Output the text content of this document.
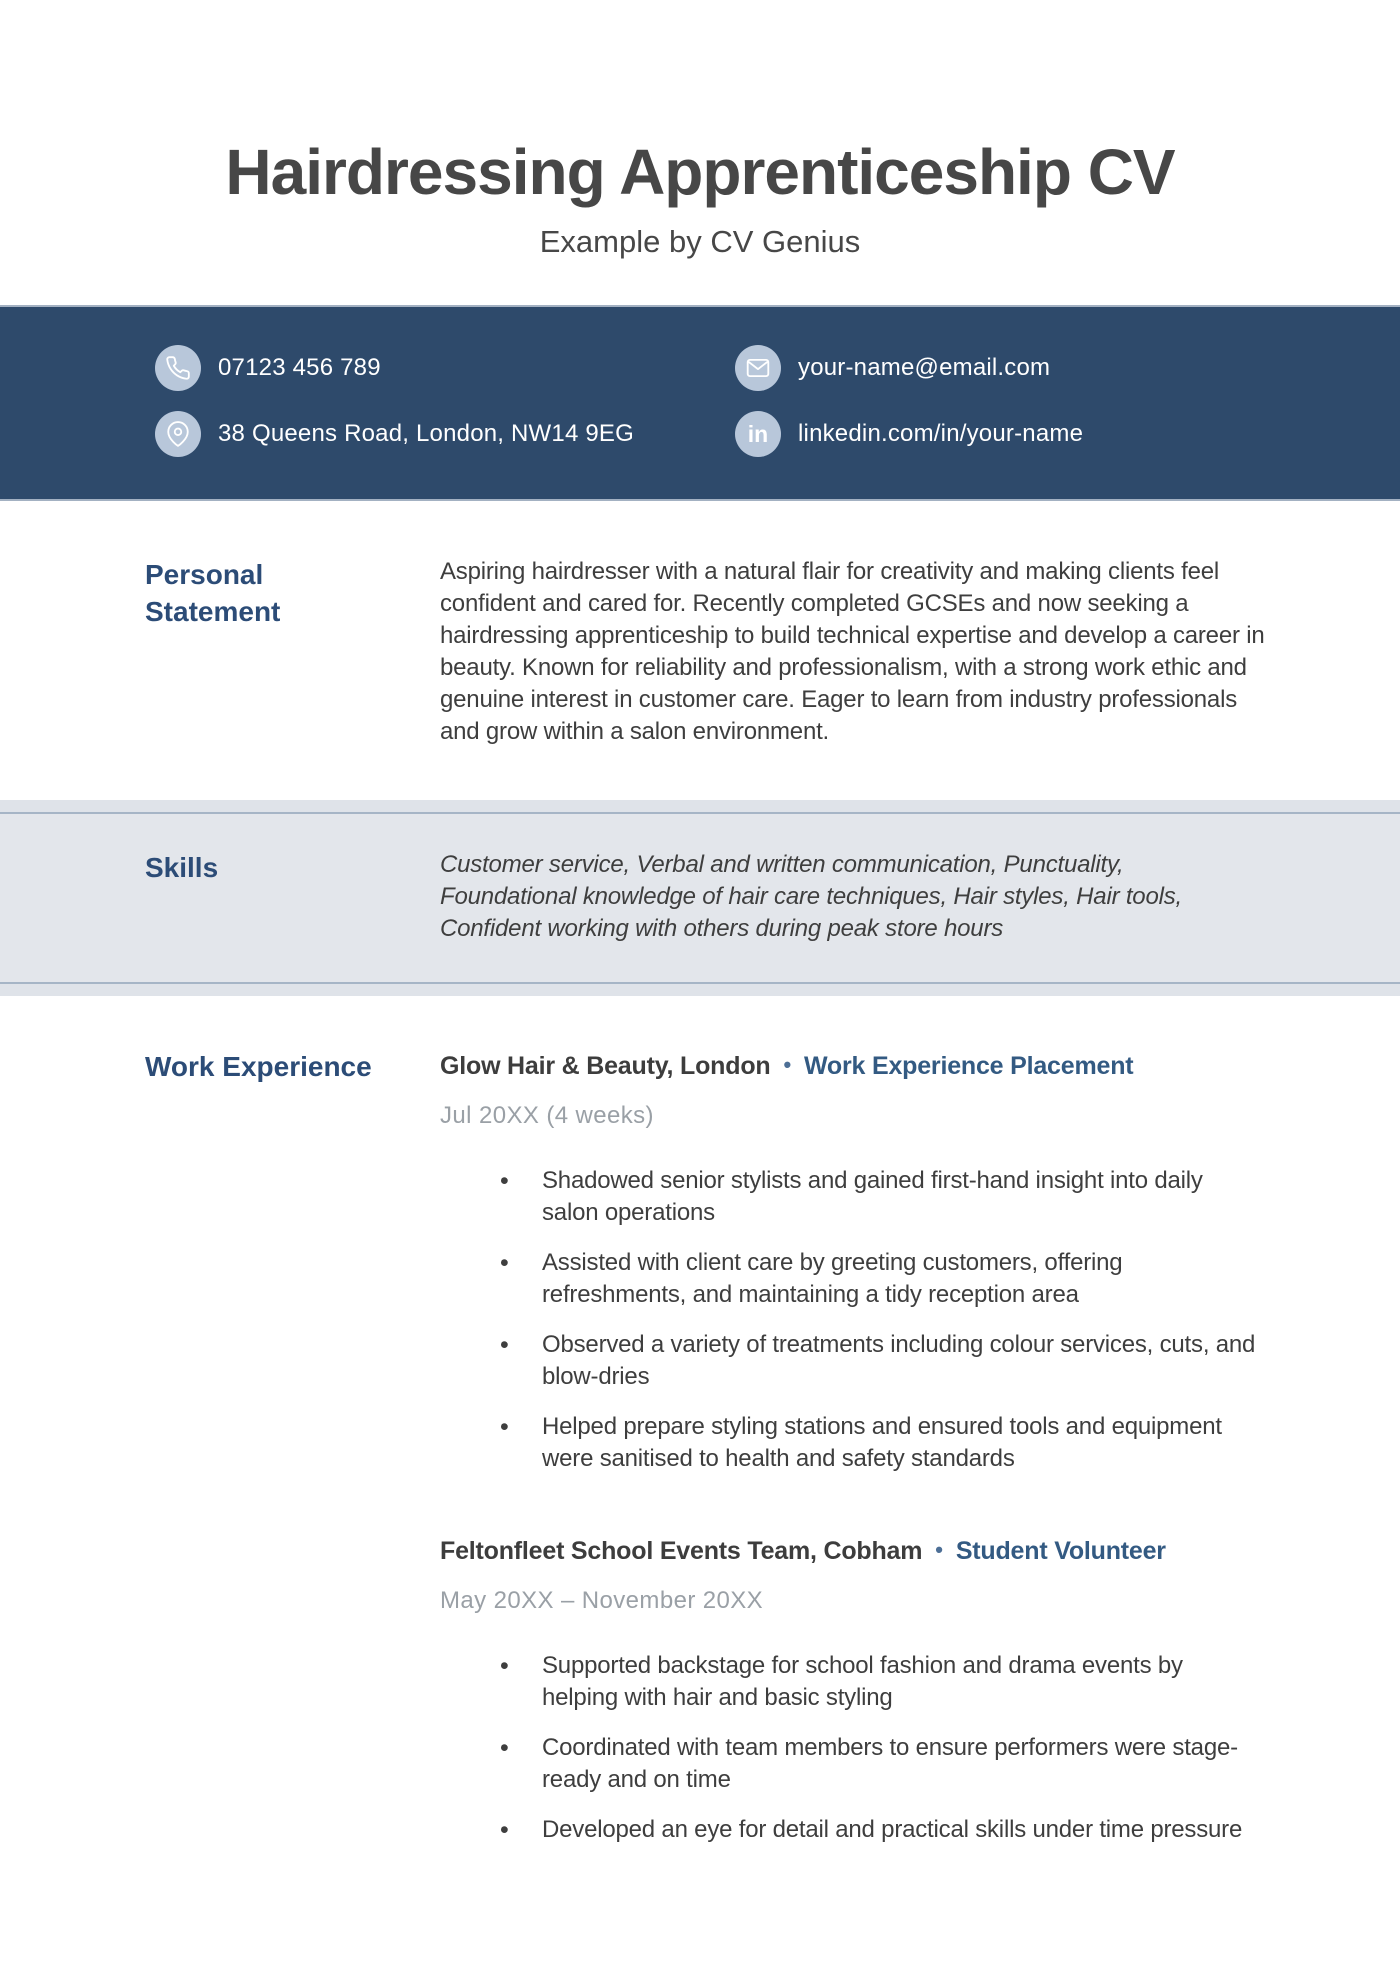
Hairdressing Apprenticeship CV
Example by CV Genius
07123 456 789	your-name@email.com
38 Queens Road, London, NW14 9EG	in linkedin.com/in/your-name
Personal Statement

Aspiring hairdresser with a natural flair for creativity and making clients feel confident and cared for. Recently completed GCSEs and now seeking a hairdressing apprenticeship to build technical expertise and develop a career in beauty. Known for reliability and professionalism, with a strong work ethic and genuine interest in customer care. Eager to learn from industry professionals and grow within a salon environment.

Skills	Customer service, Verbal and written communication, Punctuality, Foundational knowledge of hair care techniques, Hair styles, Hair tools, Confident working with others during peak store hours
Work Experience	Glow Hair & Beauty, London • Work Experience Placement
Jul 20XX (4 weeks)
• Shadowed senior stylists and gained first-hand insight into daily salon operations
• Assisted with client care by greeting customers, offering refreshments, and maintaining a tidy reception area
• Observed a variety of treatments including colour services, cuts, and blow-dries
• Helped prepare styling stations and ensured tools and equipment were sanitised to health and safety standards
Feltonfleet School Events Team, Cobham • Student Volunteer
May 20XX – November 20XX
• Supported backstage for school fashion and drama events by helping with hair and basic styling
• Coordinated with team members to ensure performers were stage-ready and on time
• Developed an eye for detail and practical skills under time pressure
